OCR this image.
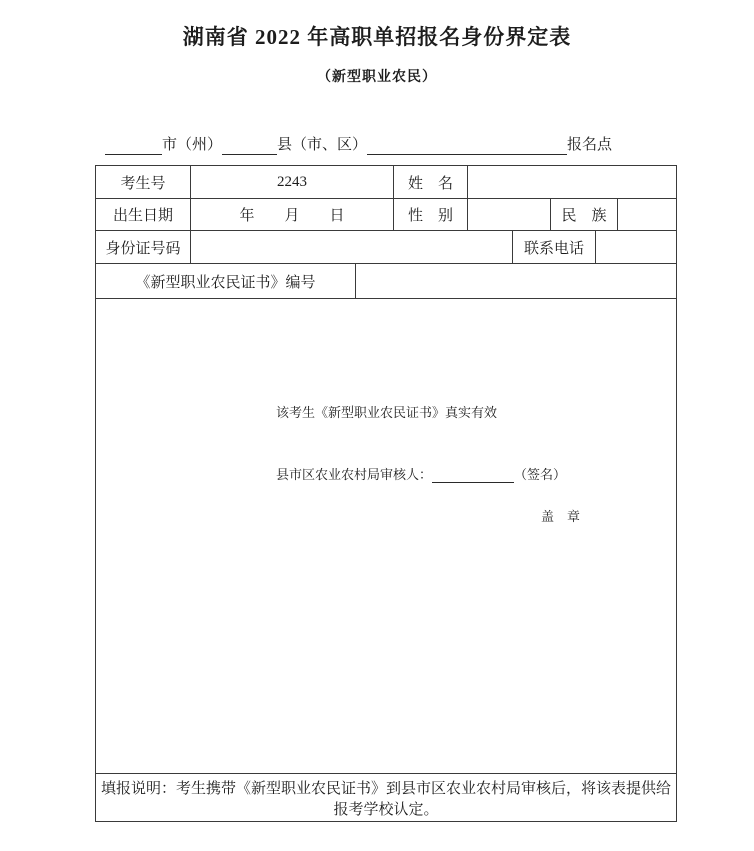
湖南省 2022 年高职单招报名身份界定表
（新型职业农民）
市（州）	县（市、区）	报名点
考生号	2243		姓　名					
出生日期	年　　月　　日		性　别			民　族		
身份证号码					联系电话			
《新型职业农民证书》编号								

该考生《新型职业农民证书》真实有效
县市区农业农村局审核人： （签名）
盖　章								

填报说明：考生携带《新型职业农民证书》到县市区农业农村局审核后，将该表提供给报考学校认定。								
